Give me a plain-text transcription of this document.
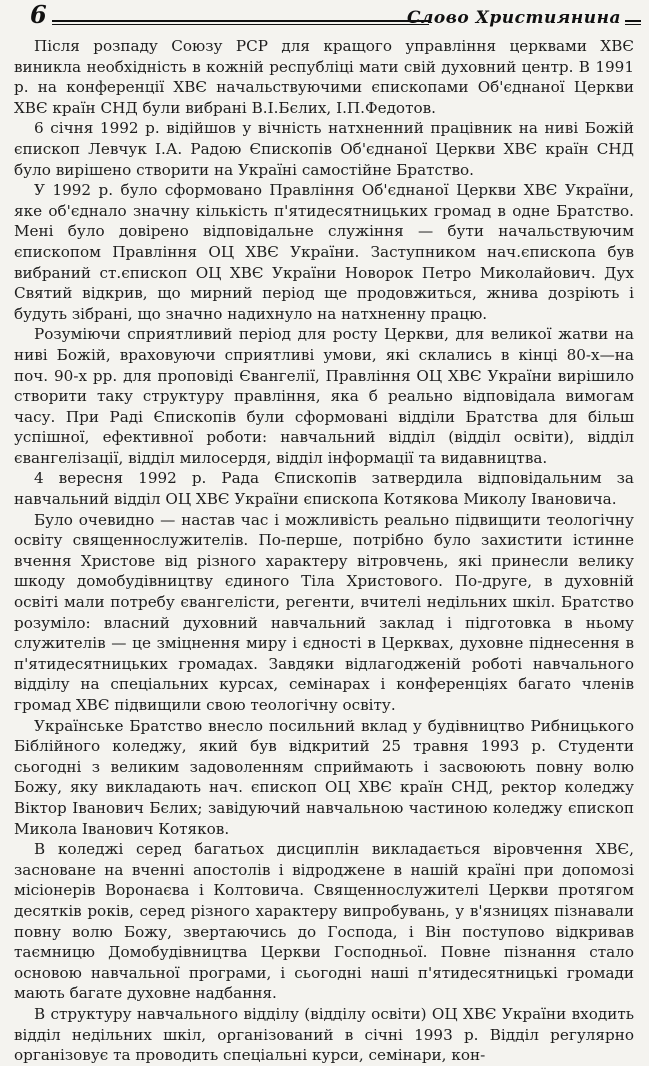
6	Слово Християнина

Після розпаду Союзу РСР для кращого управління церквами ХВЄ виникла необхідність в кожній республіці мати свій духовний центр. В 1991 р. на конференції ХВЄ начальствуючими єпископами Об'єднаної Церкви ХВЄ країн СНД були вибрані В.І.Бєлих, І.П.Федотов.

6 січня 1992 р. відійшов у вічність натхненний працівник на ниві Божій єпископ Левчук І.А. Радою Єпископів Об'єднаної Церкви ХВЄ країн СНД було вирішено створити на Україні самостійне Братство.

У 1992 р. було сформовано Правління Об'єднаної Церкви ХВЄ України, яке об'єднало значну кількість п'ятидесятницьких громад в одне Братство. Мені було довірено відповідальне служіння — бути начальствуючим єпископом Правління ОЦ ХВЄ України. Заступником нач.єпископа був вибраний ст.єпископ ОЦ ХВЄ України Новорок Петро Миколайович. Дух Святий відкрив, що мирний період ще продовжиться, жнива дозріють і будуть зібрані, що значно надихнуло на натхненну працю.

Розуміючи сприятливий період для росту Церкви, для великої жатви на ниві Божій, враховуючи сприятливі умови, які склались в кінці 80-х—на поч. 90-х рр. для проповіді Євангелії, Правління ОЦ ХВЄ України вирішило створити таку структуру правління, яка б реально відповідала вимогам часу. При Раді Єпископів були сформовані відділи Братства для більш успішної, ефективної роботи: навчальний відділ (відділ освіти), відділ євангелізації, відділ милосердя, відділ інформації та видавництва.

4 вересня 1992 р. Рада Єпископів затвердила відповідальним за навчальний відділ ОЦ ХВЄ України єпископа Котякова Миколу Івановича.

Було очевидно — настав час і можливість реально підвищити теологічну освіту священнослужителів. По-перше, потрібно було захистити істинне вчення Христове від різного характеру вітровчень, які принесли велику шкоду домобудівництву єдиного Тіла Христового. По-друге, в духовній освіті мали потребу євангелісти, регенти, вчителі недільних шкіл. Братство розуміло: власний духовний навчальний заклад і підготовка в ньому служителів — це зміцнення миру і єдності в Церквах, духовне піднесення в п'ятидесятницьких громадах. Завдяки відлагодженій роботі навчального відділу на спеціальних курсах, семінарах і конференціях багато членів громад ХВЄ підвищили свою теологічну освіту.

Українське Братство внесло посильний вклад у будівництво Рибницького Біблійного коледжу, який був відкритий 25 травня 1993 р. Студенти сьогодні з великим задоволенням сприймають і засвоюють повну волю Божу, яку викладають нач. єпископ ОЦ ХВЄ країн СНД, ректор коледжу Віктор Іванович Бєлих; завідуючий навчальною частиною коледжу єпископ Микола Іванович Котяков.

В коледжі серед багатьох дисциплін викладається віровчення ХВЄ, засноване на вченні апостолів і відроджене в нашій країні при допомозі місіонерів Воронаєва і Колтовича. Священнослужителі Церкви протягом десятків років, серед різного характеру випробувань, у в'язницях пізнавали повну волю Божу, звертаючись до Господа, і Він поступово відкривав таємницю Домобудівництва Церкви Господньої. Повне пізнання стало основою навчальної програми, і сьогодні наші п'ятидесятницькі громади мають багате духовне надбання.

В структуру навчального відділу (відділу освіти) ОЦ ХВЄ України входить відділ недільних шкіл, організований в січні 1993 р. Відділ регулярно організовує та проводить спеціальні курси, семінари, кон-
